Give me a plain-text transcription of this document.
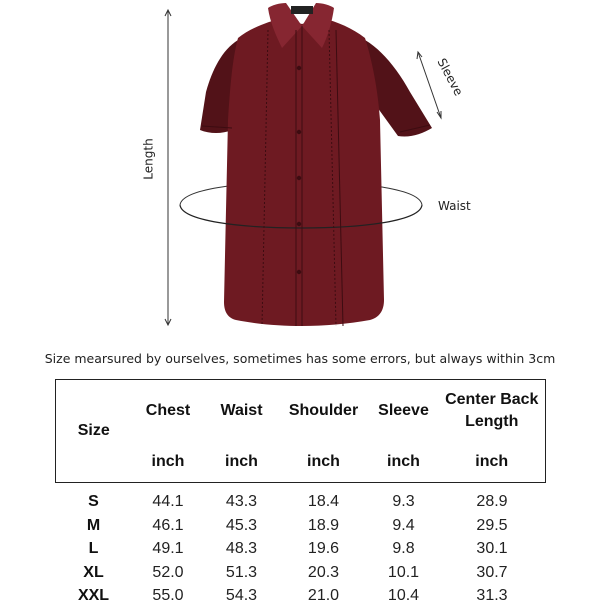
Length
Sleeve
Waist
Size mearsured by ourselves, sometimes has some errors, but always within 3cm
Size	Chest	Waist	Shoulder	Sleeve	Center Back Length
	inch	inch	inch	inch	inch

S	44.1	43.3	18.4	9.3	28.9
M	46.1	45.3	18.9	9.4	29.5
L	49.1	48.3	19.6	9.8	30.1
XL	52.0	51.3	20.3	10.1	30.7
XXL	55.0	54.3	21.0	10.4	31.3
